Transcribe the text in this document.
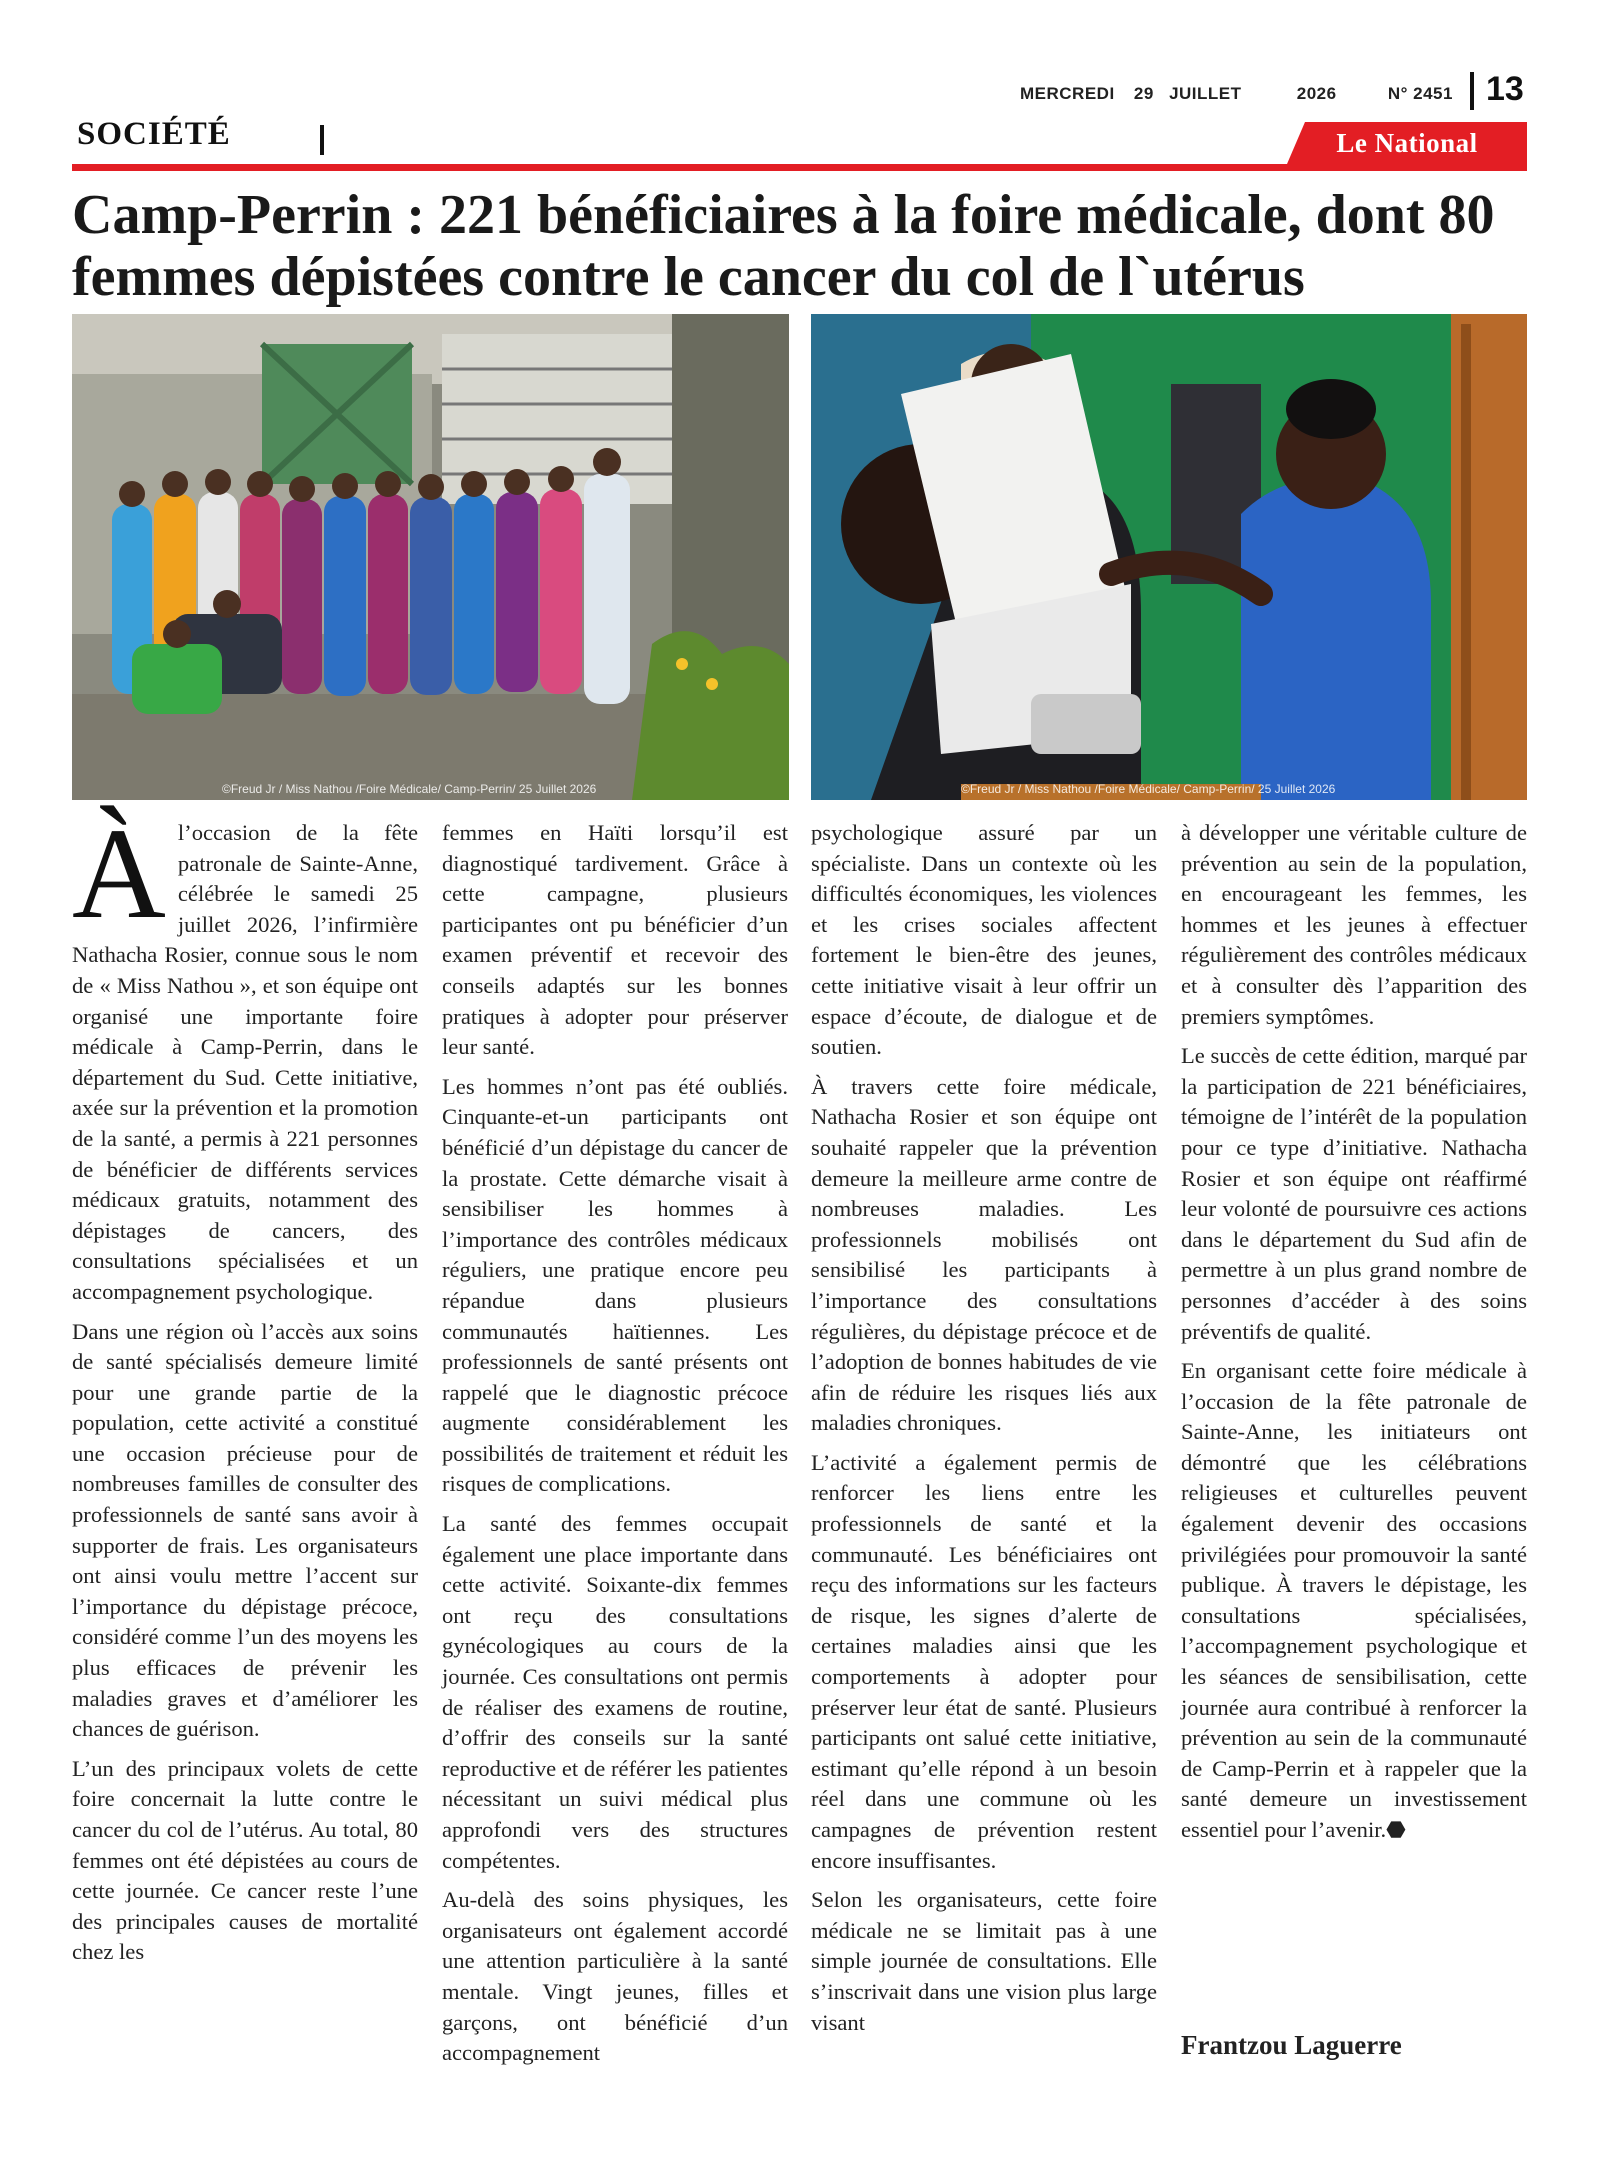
MERCREDI 29 JUILLET	2026	N° 2451 13
SOCIÉTÉ	Le National
Camp-Perrin : 221 bénéficiaires à la foire médicale, dont 80 femmes dépistées contre le cancer du col de l`utérus
©Freud Jr / Miss Nathou /Foire Médicale/ Camp-Perrin/ 25 Juillet 2026	©Freud Jr / Miss Nathou /Foire Médicale/ Camp-Perrin/ 25 Juillet 2026

Àl’occasion de la fête patronale de Sainte-Anne, célébrée le samedi 25 juillet 2026, l’infirmière Nathacha Rosier, connue sous le nom de « Miss Nathou », et son équipe ont organisé une importante foire médicale à Camp-Perrin, dans le département du Sud. Cette initiative, axée sur la prévention et la promotion de la santé, a permis à 221 personnes de bénéficier de différents services médicaux gratuits, notamment des dépistages de cancers, des consultations spécialisées et un accompagnement psychologique.

Dans une région où l’accès aux soins de santé spécialisés demeure limité pour une grande partie de la population, cette activité a constitué une occasion précieuse pour de nombreuses familles de consulter des professionnels de santé sans avoir à supporter de frais. Les organisateurs ont ainsi voulu mettre l’accent sur l’importance du dépistage précoce, considéré comme l’un des moyens les plus efficaces de prévenir les maladies graves et d’améliorer les chances de guérison.

L’un des principaux volets de cette foire concernait la lutte contre le cancer du col de l’utérus. Au total, 80 femmes ont été dépistées au cours de cette journée. Ce cancer reste l’une des principales causes de mortalité chez les

femmes en Haïti lorsqu’il est diagnostiqué tardivement. Grâce à cette campagne, plusieurs participantes ont pu bénéficier d’un examen préventif et recevoir des conseils adaptés sur les bonnes pratiques à adopter pour préserver leur santé.

Les hommes n’ont pas été oubliés. Cinquante-et-un participants ont bénéficié d’un dépistage du cancer de la prostate. Cette démarche visait à sensibiliser les hommes à l’importance des contrôles médicaux réguliers, une pratique encore peu répandue dans plusieurs communautés haïtiennes. Les professionnels de santé présents ont rappelé que le diagnostic précoce augmente considérablement les possibilités de traitement et réduit les risques de complications.

La santé des femmes occupait également une place importante dans cette activité. Soixante-dix femmes ont reçu des consultations gynécologiques au cours de la journée. Ces consultations ont permis de réaliser des examens de routine, d’offrir des conseils sur la santé reproductive et de référer les patientes nécessitant un suivi médical plus approfondi vers des structures compétentes.

Au-delà des soins physiques, les organisateurs ont également accordé une attention particulière à la santé mentale. Vingt jeunes, filles et garçons, ont bénéficié d’un accompagnement

psychologique assuré par un spécialiste. Dans un contexte où les difficultés économiques, les violences et les crises sociales affectent fortement le bien-être des jeunes, cette initiative visait à leur offrir un espace d’écoute, de dialogue et de soutien.

À travers cette foire médicale, Nathacha Rosier et son équipe ont souhaité rappeler que la prévention demeure la meilleure arme contre de nombreuses maladies. Les professionnels mobilisés ont sensibilisé les participants à l’importance des consultations régulières, du dépistage précoce et de l’adoption de bonnes habitudes de vie afin de réduire les risques liés aux maladies chroniques.

L’activité a également permis de renforcer les liens entre les professionnels de santé et la communauté. Les bénéficiaires ont reçu des informations sur les facteurs de risque, les signes d’alerte de certaines maladies ainsi que les comportements à adopter pour préserver leur état de santé. Plusieurs participants ont salué cette initiative, estimant qu’elle répond à un besoin réel dans une commune où les campagnes de prévention restent encore insuffisantes.

Selon les organisateurs, cette foire médicale ne se limitait pas à une simple journée de consultations. Elle s’inscrivait dans une vision plus large visant

à développer une véritable culture de prévention au sein de la population, en encourageant les femmes, les hommes et les jeunes à effectuer régulièrement des contrôles médicaux et à consulter dès l’apparition des premiers symptômes.

Le succès de cette édition, marqué par la participation de 221 bénéficiaires, témoigne de l’intérêt de la population pour ce type d’initiative. Nathacha Rosier et son équipe ont réaffirmé leur volonté de poursuivre ces actions dans le département du Sud afin de permettre à un plus grand nombre de personnes d’accéder à des soins préventifs de qualité.

En organisant cette foire médicale à l’occasion de la fête patronale de Sainte-Anne, les initiateurs ont démontré que les célébrations religieuses et culturelles peuvent également devenir des occasions privilégiées pour promouvoir la santé publique. À travers le dépistage, les consultations spécialisées, l’accompagnement psychologique et les séances de sensibilisation, cette journée aura contribué à renforcer la prévention au sein de la communauté de Camp-Perrin et à rappeler que la santé demeure un investissement essentiel pour l’avenir.⬣

Frantzou Laguerre
